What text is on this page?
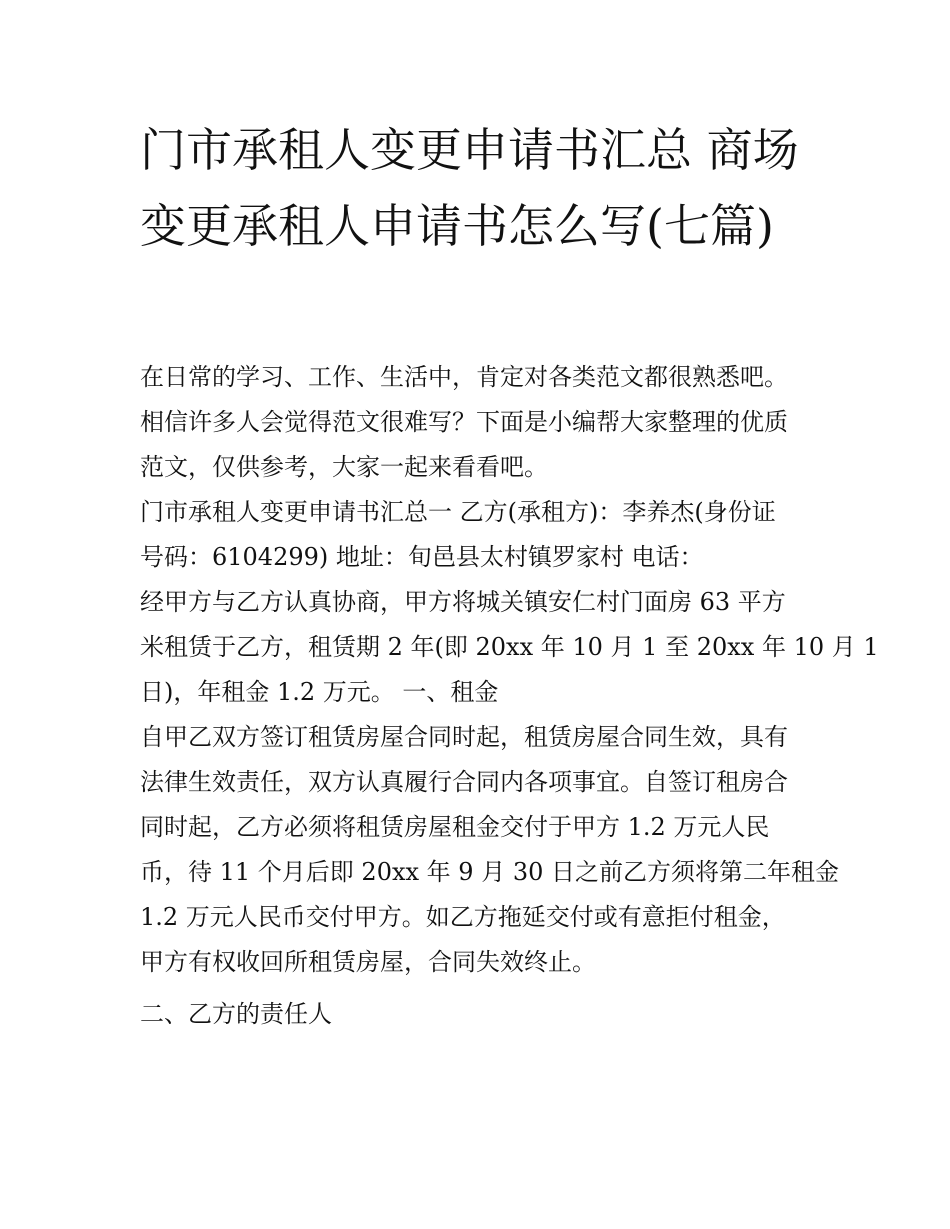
门市承租人变更申请书汇总 商场变更承租人申请书怎么写(七篇)

在日常的学习、工作、生活中，肯定对各类范文都很熟悉吧。

相信许多人会觉得范文很难写？下面是小编帮大家整理的优质

范文，仅供参考，大家一起来看看吧。

门市承租人变更申请书汇总一 乙方(承租方)：李养杰(身份证

号码：6104299) 地址：旬邑县太村镇罗家村 电话：

经甲方与乙方认真协商，甲方将城关镇安仁村门面房 63 平方

米租赁于乙方，租赁期 2 年(即 20xx 年 10 月 1 至 20xx 年 10 月 1

日)，年租金 1.2 万元。 一、租金

自甲乙双方签订租赁房屋合同时起，租赁房屋合同生效，具有

法律生效责任，双方认真履行合同内各项事宜。自签订租房合

同时起，乙方必须将租赁房屋租金交付于甲方 1.2 万元人民

币，待 11 个月后即 20xx 年 9 月 30 日之前乙方须将第二年租金

1.2 万元人民币交付甲方。如乙方拖延交付或有意拒付租金，

甲方有权收回所租赁房屋，合同失效终止。

二、乙方的责任人
